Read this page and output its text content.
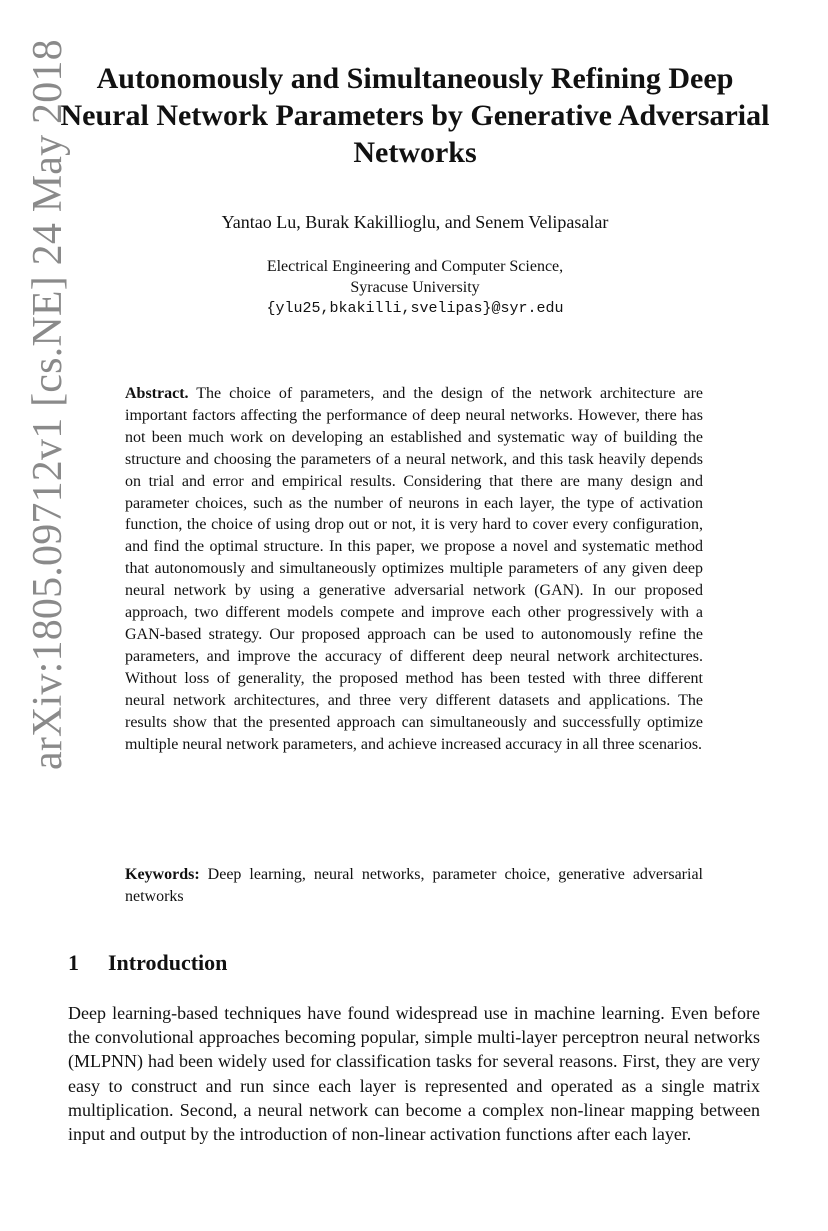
arXiv:1805.09712v1 [cs.NE] 24 May 2018 Autonomously and Simultaneously Refining Deep Neural Network Parameters by Generative Adversarial Networks
Yantao Lu, Burak Kakillioglu, and Senem Velipasalar
Electrical Engineering and Computer Science,
Syracuse University
{ylu25,bkakilli,svelipas}@syr.edu

Abstract. The choice of parameters, and the design of the network architecture are important factors affecting the performance of deep neural networks. However, there has not been much work on developing an established and systematic way of building the structure and choosing the parameters of a neural network, and this task heavily depends on trial and error and empirical results. Considering that there are many design and parameter choices, such as the number of neurons in each layer, the type of activation function, the choice of using drop out or not, it is very hard to cover every configuration, and find the optimal structure. In this paper, we propose a novel and systematic method that autonomously and simultaneously optimizes multiple parameters of any given deep neural network by using a generative adversarial network (GAN). In our proposed approach, two different models compete and improve each other progressively with a GAN-based strategy. Our proposed approach can be used to autonomously refine the parameters, and improve the accuracy of different deep neural network architectures. Without loss of generality, the proposed method has been tested with three different neural network architectures, and three very different datasets and applications. The results show that the presented approach can simultaneously and successfully optimize multiple neural network parameters, and achieve increased accuracy in all three scenarios.

Keywords: Deep learning, neural networks, parameter choice, generative adversarial networks

1 Introduction

Deep learning-based techniques have found widespread use in machine learning. Even before the convolutional approaches becoming popular, simple multi-layer perceptron neural networks (MLPNN) had been widely used for classification tasks for several reasons. First, they are very easy to construct and run since each layer is represented and operated as a single matrix multiplication. Second, a neural network can become a complex non-linear mapping between input and output by the introduction of non-linear activation functions after each layer.
